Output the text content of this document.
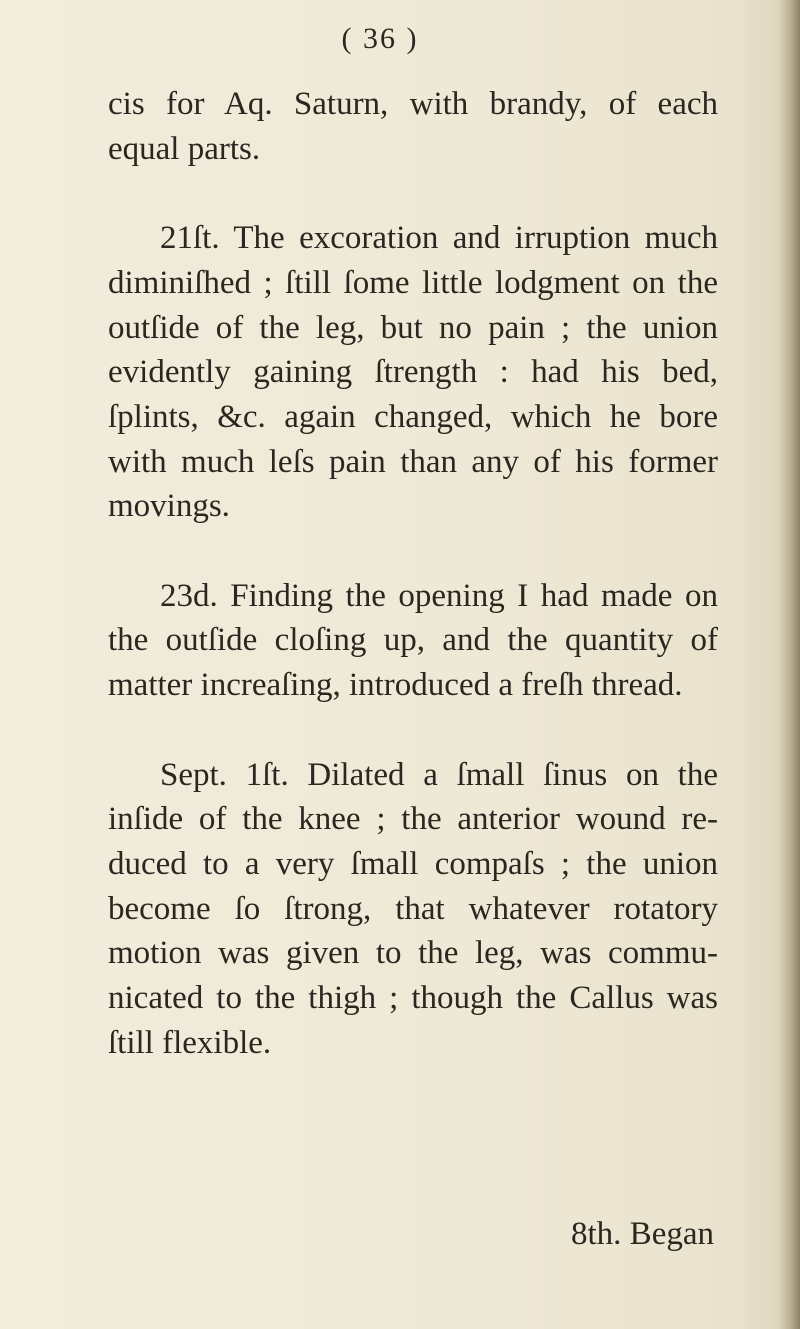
( 36 )

cis for Aq. Saturn, with brandy, of each
equal parts.

21ſt. The excoration and irruption much
diminiſhed ; ſtill ſome little lodgment on the
outſide of the leg, but no pain ; the union
evidently gaining ſtrength : had his bed,
ſplints, &c. again changed, which he bore
with much leſs pain than any of his former
movings.

23d. Finding the opening I had made on
the outſide cloſing up, and the quantity of
matter increaſing, introduced a freſh thread.

Sept. 1ſt. Dilated a ſmall ſinus on the
inſide of the knee ; the anterior wound re-
duced to a very ſmall compaſs ; the union
become ſo ſtrong, that whatever rotatory
motion was given to the leg, was commu-
nicated to the thigh ; though the Callus was
ſtill flexible.

8th. Began
